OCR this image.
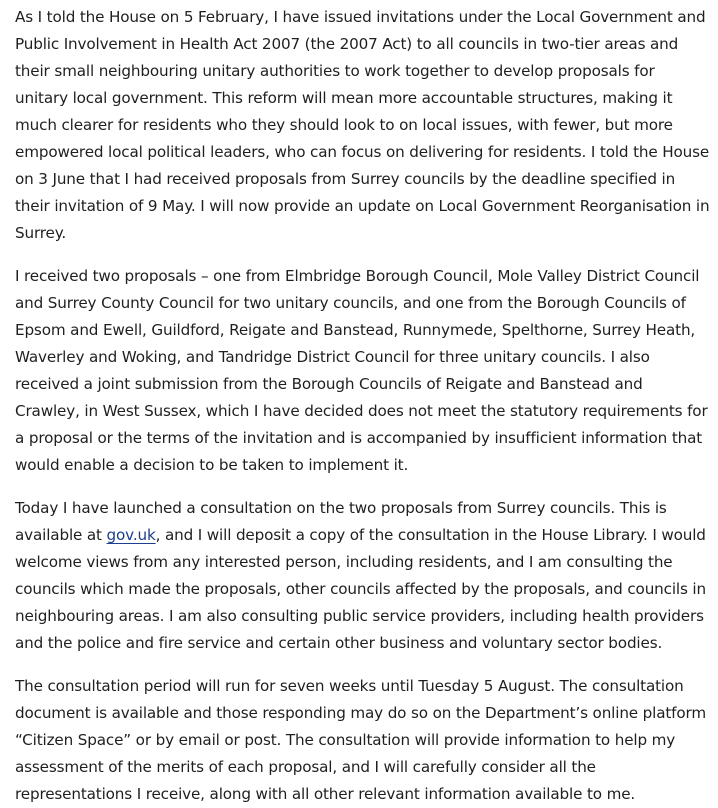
As I told the House on 5 February, I have issued invitations under the Local Government and Public Involvement in Health Act 2007 (the 2007 Act) to all councils in two-tier areas and their small neighbouring unitary authorities to work together to develop proposals for unitary local government. This reform will mean more accountable structures, making it much clearer for residents who they should look to on local issues, with fewer, but more empowered local political leaders, who can focus on delivering for residents. I told the House on 3 June that I had received proposals from Surrey councils by the deadline specified in their invitation of 9 May. I will now provide an update on Local Government Reorganisation in Surrey.

I received two proposals – one from Elmbridge Borough Council, Mole Valley District Council and Surrey County Council for two unitary councils, and one from the Borough Councils of Epsom and Ewell, Guildford, Reigate and Banstead, Runnymede, Spelthorne, Surrey Heath, Waverley and Woking, and Tandridge District Council for three unitary councils. I also received a joint submission from the Borough Councils of Reigate and Banstead and Crawley, in West Sussex, which I have decided does not meet the statutory requirements for a proposal or the terms of the invitation and is accompanied by insufficient information that would enable a decision to be taken to implement it.

Today I have launched a consultation on the two proposals from Surrey councils. This is available at gov.uk, and I will deposit a copy of the consultation in the House Library. I would welcome views from any interested person, including residents, and I am consulting the councils which made the proposals, other councils affected by the proposals, and councils in neighbouring areas. I am also consulting public service providers, including health providers and the police and fire service and certain other business and voluntary sector bodies.

The consultation period will run for seven weeks until Tuesday 5 August. The consultation document is available and those responding may do so on the Department’s online platform “Citizen Space” or by email or post. The consultation will provide information to help my assessment of the merits of each proposal, and I will carefully consider all the representations I receive, along with all other relevant information available to me.
